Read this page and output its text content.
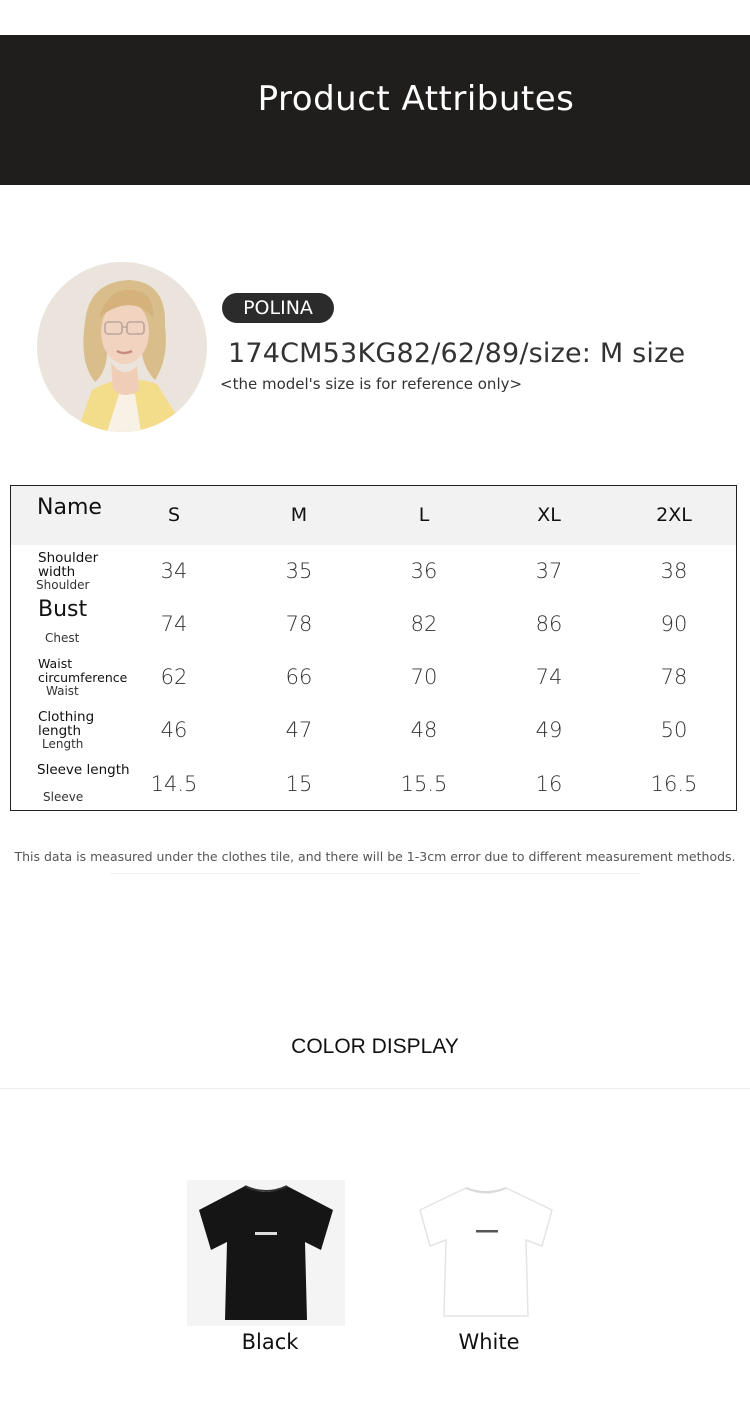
Product Attributes
POLINA
174CM53KG82/62/89/size: M size
<the model's size is for reference only>
Name	S	M	L	XL	2XL
Shoulder
width
Shoulder
34	35	36	37	38
Bust
Chest
74	78	82	86	90
Waist
circumference
Waist
62	66	70	74	78
Clothing
length
Length
46	47	48	49	50
Sleeve length
Sleeve
14.5	15	15.5	16	16.5
This data is measured under the clothes tile, and there will be 1-3cm error due to different measurement methods.
COLOR DISPLAY
Black	White
